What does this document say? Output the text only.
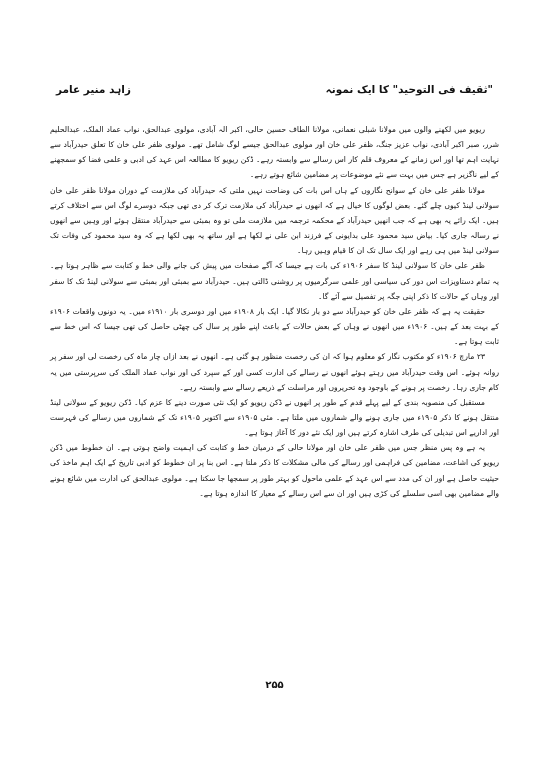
زاہد منیر عامر	"ثقیف فی التوحید" کا ایک نمونہ

ریویو میں لکھنے والوں میں مولانا شبلی نعمانی، مولانا الطاف حسین حالی، اکبر الہ آبادی، مولوی عبدالحق، نواب عماد الملک، عبدالحلیم شرر، صبر اکبر آبادی، نواب عزیز جنگ، ظفر علی خان اور مولوی عبدالحق جیسے لوگ شامل تھے۔ مولوی ظفر علی خان کا تعلق حیدرآباد سے نہایت اہم تھا اور اس زمانے کے معروف قلم کار اس رسالے سے وابستہ رہے۔ ڈکن ریویو کا مطالعہ اس عہد کی ادبی و علمی فضا کو سمجھنے کے لیے ناگزیر ہے جس میں بہت سے نئے موضوعات پر مضامین شائع ہوتے رہے۔

مولانا ظفر علی خان کے سوانح نگاروں کے ہاں اس بات کی وضاحت نہیں ملتی کہ حیدرآباد کی ملازمت کے دوران مولانا ظفر علی خان سولانی لینڈ کیوں چلے گئے۔ بعض لوگوں کا خیال ہے کہ انھوں نے حیدرآباد کی ملازمت ترک کر دی تھی جبکہ دوسرے لوگ اس سے اختلاف کرتے ہیں۔ ایک رائے یہ بھی ہے کہ جب انھیں حیدرآباد کے محکمہ ترجمہ میں ملازمت ملی تو وہ بمبئی سے حیدرآباد منتقل ہوئے اور وہیں سے انھوں نے رسالہ جاری کیا۔ بیاض سید محمود علی بدایونی کے فرزند ابن علی نے لکھا ہے اور ساتھ یہ بھی لکھا ہے کہ وہ سید محمود کی وفات تک سولانی لینڈ میں ہی رہے اور ایک سال تک ان کا قیام وہیں رہا۔

ظفر علی خان کا سولانی لینڈ کا سفر ۱۹۰۶ء کی بات ہے جیسا کہ آگے صفحات میں پیش کی جانے والی خط و کتابت سے ظاہر ہوتا ہے۔ یہ تمام دستاویزات اس دور کی سیاسی اور علمی سرگرمیوں پر روشنی ڈالتی ہیں۔ حیدرآباد سے بمبئی اور بمبئی سے سولانی لینڈ تک کا سفر اور وہاں کے حالات کا ذکر اپنی جگہ پر تفصیل سے آئے گا۔

حقیقت یہ ہے کہ ظفر علی خان کو حیدرآباد سے دو بار نکالا گیا۔ ایک بار ۱۹۰۸ء میں اور دوسری بار ۱۹۱۰ء میں۔ یہ دونوں واقعات ۱۹۰۶ء کے بہت بعد کے ہیں۔ ۱۹۰۶ء میں انھوں نے وہاں کے بعض حالات کے باعث اپنے طور پر سال کی چھٹی حاصل کی تھی جیسا کہ اس خط سے ثابت ہوتا ہے۔

۲۳ مارچ ۱۹۰۶ء کو مکتوب نگار کو معلوم ہوا کہ ان کی رخصت منظور ہو گئی ہے۔ انھوں نے بعد ازاں چار ماہ کی رخصت لی اور سفر پر روانہ ہوئے۔ اس وقت حیدرآباد میں رہتے ہوئے انھوں نے رسالے کی ادارت کسی اور کے سپرد کی اور نواب عماد الملک کی سرپرستی میں یہ کام جاری رہا۔ رخصت پر ہونے کے باوجود وہ تحریروں اور مراسلت کے ذریعے رسالے سے وابستہ رہے۔

مستقبل کی منصوبہ بندی کے لیے پہلے قدم کے طور پر انھوں نے ڈکن ریویو کو ایک نئی صورت دینے کا عزم کیا۔ ڈکن ریویو کے سولانی لینڈ منتقل ہونے کا ذکر ۱۹۰۵ء میں جاری ہونے والے شماروں میں ملتا ہے۔ مئی ۱۹۰۵ء سے اکتوبر ۱۹۰۵ء تک کے شماروں میں رسالے کی فہرست اور اداریے اس تبدیلی کی طرف اشارہ کرتے ہیں اور ایک نئے دور کا آغاز ہوتا ہے۔

یہ ہے وہ پس منظر جس میں ظفر علی خان اور مولانا حالی کے درمیان خط و کتابت کی اہمیت واضح ہوتی ہے۔ ان خطوط میں ڈکن ریویو کی اشاعت، مضامین کی فراہمی اور رسالے کی مالی مشکلات کا ذکر ملتا ہے۔ اس بنا پر ان خطوط کو ادبی تاریخ کے ایک اہم ماخذ کی حیثیت حاصل ہے اور ان کی مدد سے اس عہد کے علمی ماحول کو بہتر طور پر سمجھا جا سکتا ہے۔ مولوی عبدالحق کی ادارت میں شائع ہونے والے مضامین بھی اسی سلسلے کی کڑی ہیں اور ان سے اس رسالے کے معیار کا اندازہ ہوتا ہے۔

۲۵۵
